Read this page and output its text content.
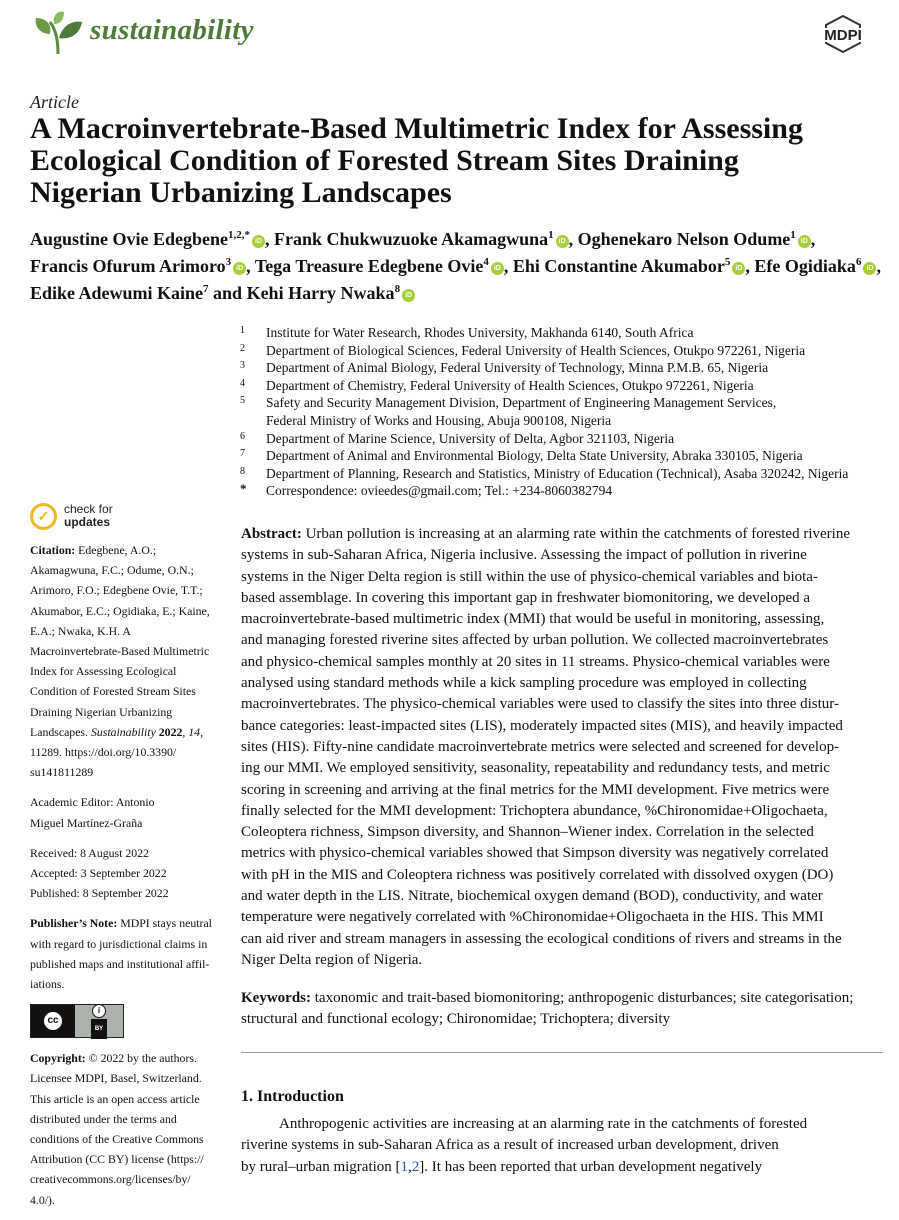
sustainability	MDPI
Article
A Macroinvertebrate-Based Multimetric Index for Assessing
Ecological Condition of Forested Stream Sites Draining
Nigerian Urbanizing Landscapes
Augustine Ovie Edegbene$^{1,2,*}$iD , Frank Chukwuzuoke Akamagwuna$^1$iD , Oghenekaro Nelson Odume$^1$iD ,
Francis Ofurum Arimoro$^3$iD , Tega Treasure Edegbene Ovie$^4$iD , Ehi Constantine Akumabor$^5$iD , Efe Ogidiaka$^6$iD ,
Edike Adewumi Kaine$^7$ and Kehi Harry Nwaka$^8$iD
1	Institute for Water Research, Rhodes University, Makhanda 6140, South Africa
2	Department of Biological Sciences, Federal University of Health Sciences, Otukpo 972261, Nigeria
3	Department of Animal Biology, Federal University of Technology, Minna P.M.B. 65, Nigeria
4	Department of Chemistry, Federal University of Health Sciences, Otukpo 972261, Nigeria
5	Safety and Security Management Division, Department of Engineering Management Services,
Federal Ministry of Works and Housing, Abuja 900108, Nigeria
6	Department of Marine Science, University of Delta, Agbor 321103, Nigeria
7	Department of Animal and Environmental Biology, Delta State University, Abraka 330105, Nigeria
8	Department of Planning, Research and Statistics, Ministry of Education (Technical), Asaba 320242, Nigeria
*	Correspondence: ovieedes@gmail.com; Tel.: +234-8060382794
✓	check for
updates
Citation: Edegbene, A.O.;
Akamagwuna, F.C.; Odume, O.N.;
Arimoro, F.O.; Edegbene Ovie, T.T.;
Akumabor, E.C.; Ogidiaka, E.; Kaine,
E.A.; Nwaka, K.H. A
Macroinvertebrate-Based Multimetric
Index for Assessing Ecological
Condition of Forested Stream Sites
Draining Nigerian Urbanizing
Landscapes. Sustainability 2022, 14,
11289. https://doi.org/10.3390/
su141811289
Academic Editor: Antonio
Miguel Martínez-Graña
Received: 8 August 2022
Accepted: 3 September 2022
Published: 8 September 2022
Publisher’s Note: MDPI stays neutral
with regard to jurisdictional claims in
published maps and institutional affil-
iations.
cc
i
BY
Copyright: © 2022 by the authors.
Licensee MDPI, Basel, Switzerland.
This article is an open access article
distributed under the terms and
conditions of the Creative Commons
Attribution (CC BY) license (https://
creativecommons.org/licenses/by/
4.0/).
Abstract: Urban pollution is increasing at an alarming rate within the catchments of forested riverine
systems in sub-Saharan Africa, Nigeria inclusive. Assessing the impact of pollution in riverine
systems in the Niger Delta region is still within the use of physico-chemical variables and biota-
based assemblage. In covering this important gap in freshwater biomonitoring, we developed a
macroinvertebrate-based multimetric index (MMI) that would be useful in monitoring, assessing,
and managing forested riverine sites affected by urban pollution. We collected macroinvertebrates
and physico-chemical samples monthly at 20 sites in 11 streams. Physico-chemical variables were
analysed using standard methods while a kick sampling procedure was employed in collecting
macroinvertebrates. The physico-chemical variables were used to classify the sites into three distur-
bance categories: least-impacted sites (LIS), moderately impacted sites (MIS), and heavily impacted
sites (HIS). Fifty-nine candidate macroinvertebrate metrics were selected and screened for develop-
ing our MMI. We employed sensitivity, seasonality, repeatability and redundancy tests, and metric
scoring in screening and arriving at the final metrics for the MMI development. Five metrics were
finally selected for the MMI development: Trichoptera abundance, %Chironomidae+Oligochaeta,
Coleoptera richness, Simpson diversity, and Shannon–Wiener index. Correlation in the selected
metrics with physico-chemical variables showed that Simpson diversity was negatively correlated
with pH in the MIS and Coleoptera richness was positively correlated with dissolved oxygen (DO)
and water depth in the LIS. Nitrate, biochemical oxygen demand (BOD), conductivity, and water
temperature were negatively correlated with %Chironomidae+Oligochaeta in the HIS. This MMI
can aid river and stream managers in assessing the ecological conditions of rivers and streams in the
Niger Delta region of Nigeria.
Keywords: taxonomic and trait-based biomonitoring; anthropogenic disturbances; site categorisation;
structural and functional ecology; Chironomidae; Trichoptera; diversity
1. Introduction
Anthropogenic activities are increasing at an alarming rate in the catchments of forested
riverine systems in sub-Saharan Africa as a result of increased urban development, driven
by rural–urban migration [1,2]. It has been reported that urban development negatively
